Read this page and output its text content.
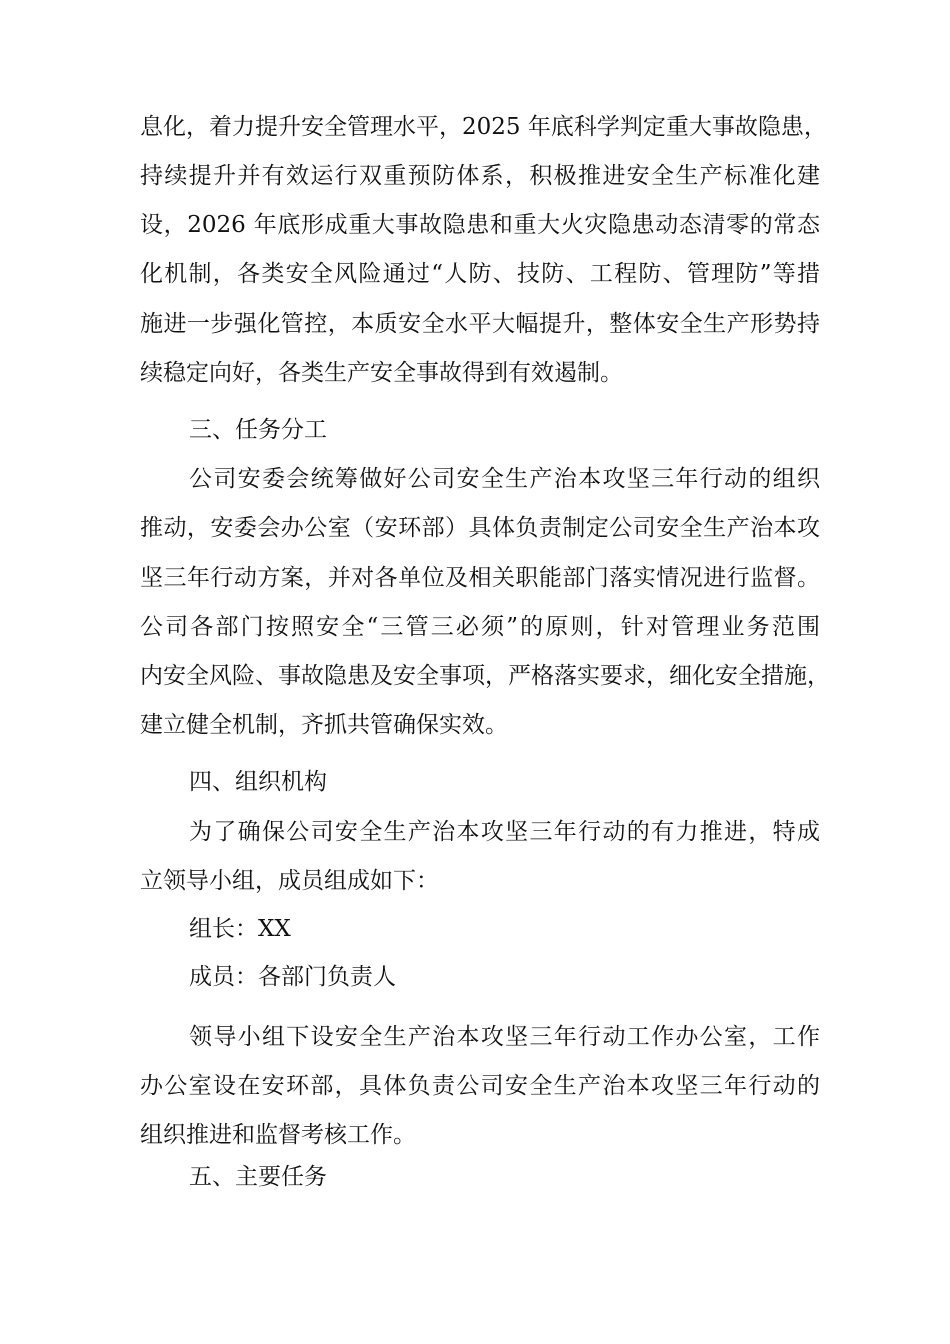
息化，着力提升安全管理水平，2025 年底科学判定重大事故隐患，
持续提升并有效运行双重预防体系，积极推进安全生产标准化建
设，2026 年底形成重大事故隐患和重大火灾隐患动态清零的常态
化机制，各类安全风险通过“人防、技防、工程防、管理防”等措
施进一步强化管控，本质安全水平大幅提升，整体安全生产形势持
续稳定向好，各类生产安全事故得到有效遏制。
三、任务分工
公司安委会统筹做好公司安全生产治本攻坚三年行动的组织
推动，安委会办公室（安环部）具体负责制定公司安全生产治本攻
坚三年行动方案，并对各单位及相关职能部门落实情况进行监督。
公司各部门按照安全“三管三必须”的原则，针对管理业务范围
内安全风险、事故隐患及安全事项，严格落实要求，细化安全措施，
建立健全机制，齐抓共管确保实效。
四、组织机构
为了确保公司安全生产治本攻坚三年行动的有力推进，特成
立领导小组，成员组成如下：
组长：XX
成员：各部门负责人
领导小组下设安全生产治本攻坚三年行动工作办公室，工作
办公室设在安环部，具体负责公司安全生产治本攻坚三年行动的
组织推进和监督考核工作。
五、主要任务
